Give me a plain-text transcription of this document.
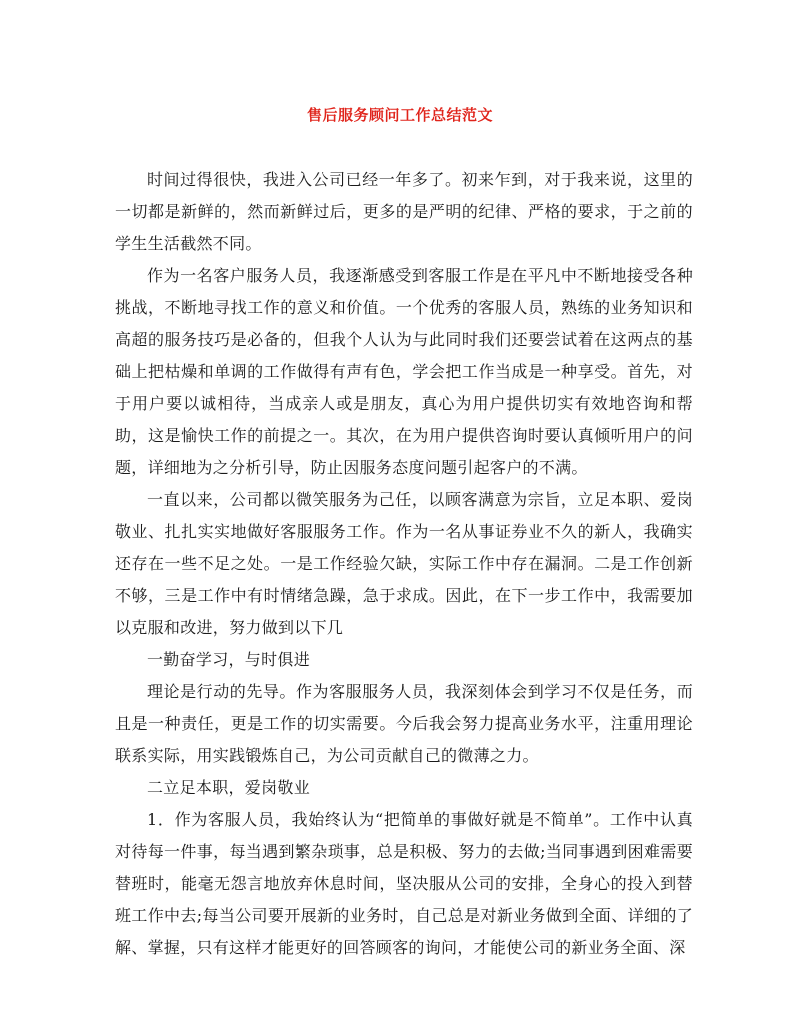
售后服务顾问工作总结范文

时间过得很快，我进入公司已经一年多了。初来乍到，对于我来说，这里的一切都是新鲜的，然而新鲜过后，更多的是严明的纪律、严格的要求，于之前的学生生活截然不同。

作为一名客户服务人员，我逐渐感受到客服工作是在平凡中不断地接受各种挑战，不断地寻找工作的意义和价值。一个优秀的客服人员，熟练的业务知识和高超的服务技巧是必备的，但我个人认为与此同时我们还要尝试着在这两点的基础上把枯燥和单调的工作做得有声有色，学会把工作当成是一种享受。首先，对于用户要以诚相待，当成亲人或是朋友，真心为用户提供切实有效地咨询和帮助，这是愉快工作的前提之一。其次，在为用户提供咨询时要认真倾听用户的问题，详细地为之分析引导，防止因服务态度问题引起客户的不满。

一直以来，公司都以微笑服务为己任，以顾客满意为宗旨，立足本职、爱岗敬业、扎扎实实地做好客服服务工作。作为一名从事证券业不久的新人，我确实还存在一些不足之处。一是工作经验欠缺，实际工作中存在漏洞。二是工作创新不够，三是工作中有时情绪急躁，急于求成。因此，在下一步工作中，我需要加以克服和改进，努力做到以下几

一勤奋学习，与时俱进

理论是行动的先导。作为客服服务人员，我深刻体会到学习不仅是任务，而且是一种责任，更是工作的切实需要。今后我会努力提高业务水平，注重用理论联系实际，用实践锻炼自己，为公司贡献自己的微薄之力。

二立足本职，爱岗敬业

1．作为客服人员，我始终认为“把简单的事做好就是不简单”。工作中认真对待每一件事，每当遇到繁杂琐事，总是积极、努力的去做;当同事遇到困难需要替班时，能毫无怨言地放弃休息时间，坚决服从公司的安排，全身心的投入到替班工作中去;每当公司要开展新的业务时，自己总是对新业务做到全面、详细的了解、掌握，只有这样才能更好的回答顾客的询问，才能使公司的新业务全面、深
